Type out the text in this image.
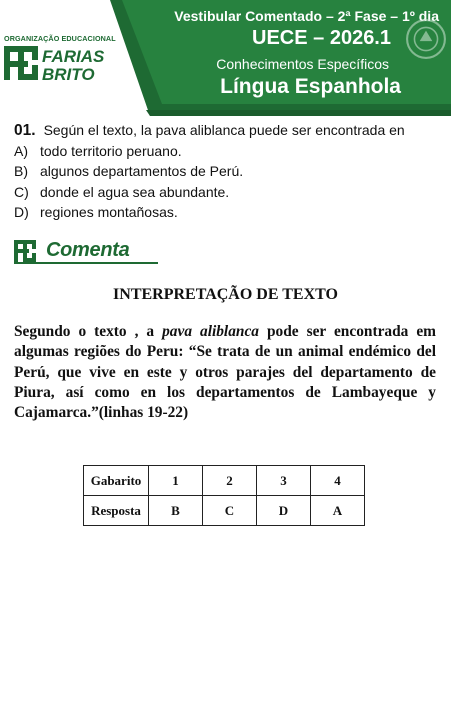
ORGANIZAÇÃO EDUCACIONAL
FARIAS
BRITO
Vestibular Comentado – 2ª Fase – 1º dia
UECE – 2026.1
Conhecimentos Específicos
Língua Espanhola
01. Según el texto, la pava aliblanca puede ser encontrada en
A) todo territorio peruano.
B) algunos departamentos de Perú.
C) donde el agua sea abundante.
D) regiones montañosas.
Comenta
INTERPRETAÇÃO DE TEXTO
Segundo o texto , a pava aliblanca pode ser encontrada em algumas regiões do Peru: “Se trata de un animal endémico del Perú, que vive en este y otros parajes del departamento de Piura, así como en los departamentos de Lambayeque y Cajamarca.”(linhas 19-22)
Gabarito	1	2	3	4
Resposta	B	C	D	A
